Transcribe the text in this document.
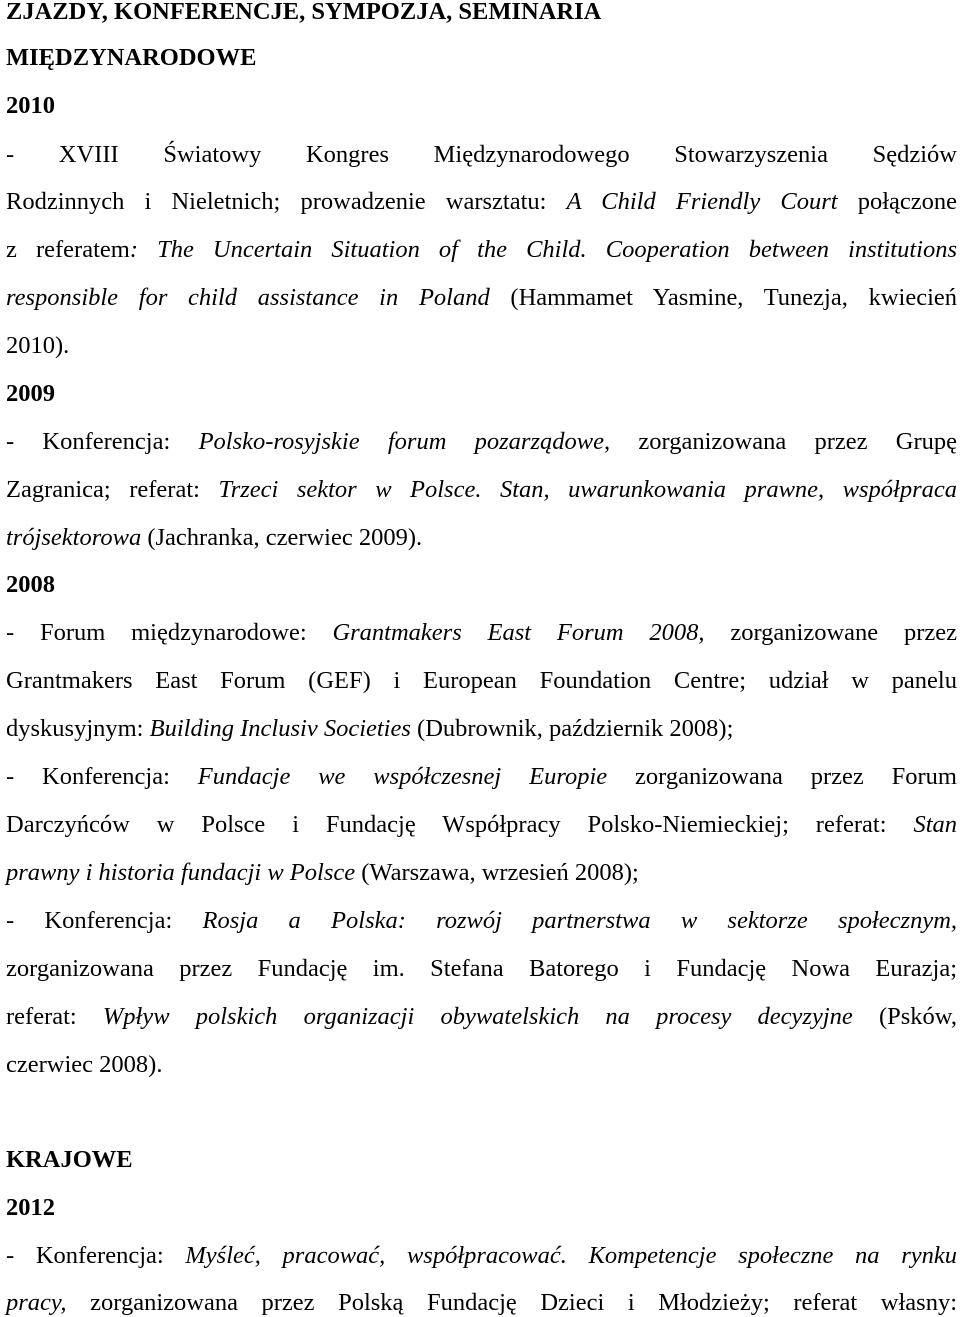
ZJAZDY, KONFERENCJE, SYMPOZJA, SEMINARIA
MIĘDZYNARODOWE
2010
- XVIII Światowy Kongres Międzynarodowego Stowarzyszenia Sędziów
Rodzinnych i Nieletnich; prowadzenie warsztatu: A Child Friendly Court połączone
z referatem: The Uncertain Situation of the Child. Cooperation between institutions
responsible for child assistance in Poland (Hammamet Yasmine, Tunezja, kwiecień
2010).
2009
- Konferencja: Polsko-rosyjskie forum pozarządowe, zorganizowana przez Grupę
Zagranica; referat: Trzeci sektor w Polsce. Stan, uwarunkowania prawne, współpraca
trójsektorowa (Jachranka, czerwiec 2009).
2008
- Forum międzynarodowe: Grantmakers East Forum 2008, zorganizowane przez
Grantmakers East Forum (GEF) i European Foundation Centre; udział w panelu
dyskusyjnym: Building Inclusiv Societies (Dubrownik, październik 2008);
- Konferencja: Fundacje we współczesnej Europie zorganizowana przez Forum
Darczyńców w Polsce i Fundację Współpracy Polsko-Niemieckiej; referat: Stan
prawny i historia fundacji w Polsce (Warszawa, wrzesień 2008);
- Konferencja: Rosja a Polska: rozwój partnerstwa w sektorze społecznym,
zorganizowana przez Fundację im. Stefana Batorego i Fundację Nowa Eurazja;
referat: Wpływ polskich organizacji obywatelskich na procesy decyzyjne (Psków,
czerwiec 2008).
KRAJOWE
2012
- Konferencja: Myśleć, pracować, współpracować. Kompetencje społeczne na rynku
pracy, zorganizowana przez Polską Fundację Dzieci i Młodzieży; referat własny:
